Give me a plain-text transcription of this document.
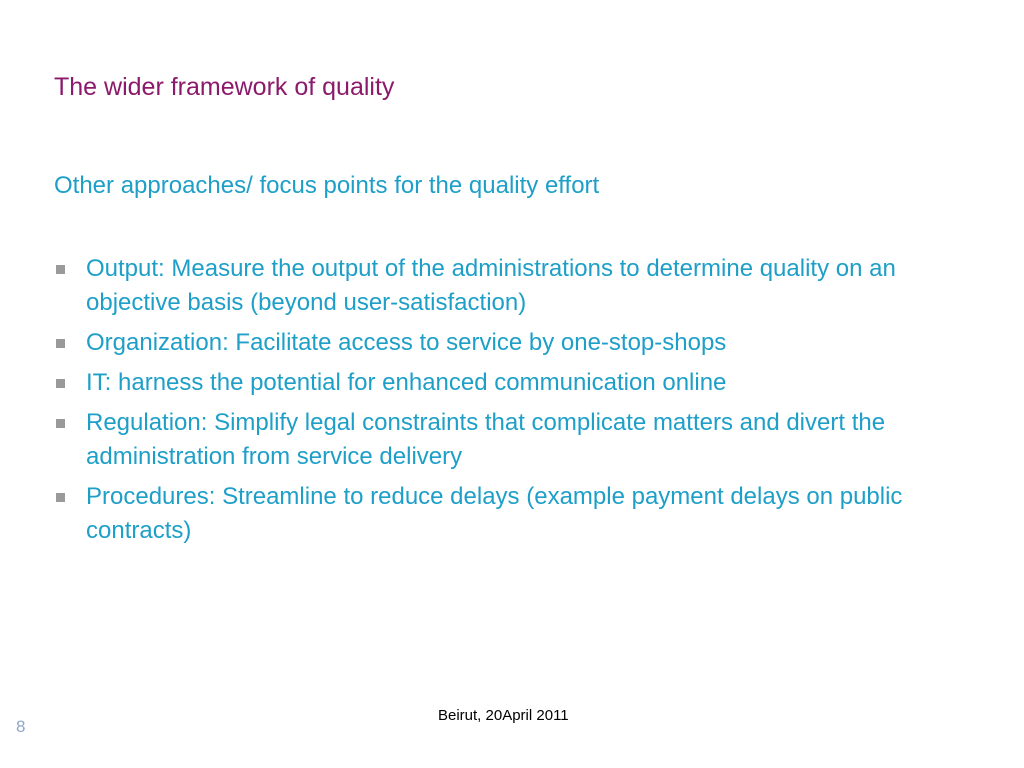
The wider framework of quality
Other approaches/ focus points for the quality effort
Output: Measure the output of the administrations to determine quality on an objective basis (beyond user-satisfaction)
Organization: Facilitate access to service by one-stop-shops
IT: harness the potential for enhanced communication online
Regulation: Simplify legal constraints that complicate matters and divert the administration from service delivery
Procedures: Streamline to reduce delays (example payment delays on public contracts)
Beirut, 20April 2011
8
